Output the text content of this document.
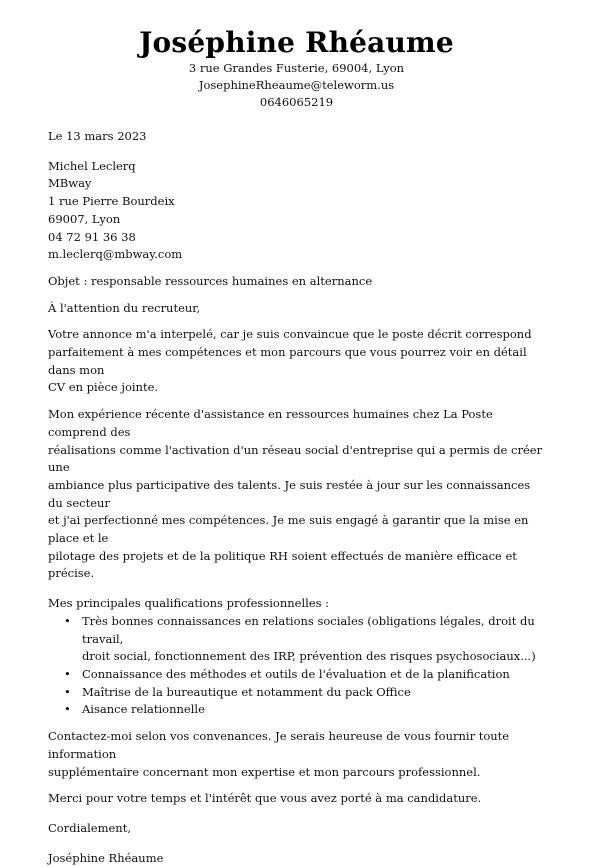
Joséphine Rhéaume
3 rue Grandes Fusterie, 69004, Lyon
JosephineRheaume@teleworm.us
0646065219

Le 13 mars 2023

Michel Leclerq

MBway

1 rue Pierre Bourdeix

69007, Lyon

04 72 91 36 38

m.leclerq@mbway.com

Objet : responsable ressources humaines en alternance

À l'attention du recruteur,

Votre annonce m'a interpelé, car je suis convaincue que le poste décrit correspond

parfaitement à mes compétences et mon parcours que vous pourrez voir en détail dans mon

CV en pièce jointe.

Mon expérience récente d'assistance en ressources humaines chez La Poste comprend des

réalisations comme l'activation d'un réseau social d'entreprise qui a permis de créer une

ambiance plus participative des talents. Je suis restée à jour sur les connaissances du secteur

et j'ai perfectionné mes compétences. Je me suis engagé à garantir que la mise en place et le

pilotage des projets et de la politique RH soient effectués de manière efficace et précise.

Mes principales qualifications professionnelles :

• Très bonnes connaissances en relations sociales (obligations légales, droit du travail,
droit social, fonctionnement des IRP, prévention des risques psychosociaux...)
• Connaissance des méthodes et outils de l'évaluation et de la planification
• Maîtrise de la bureautique et notamment du pack Office
• Aisance relationnelle

Contactez-moi selon vos convenances. Je serais heureuse de vous fournir toute information

supplémentaire concernant mon expertise et mon parcours professionnel.

Merci pour votre temps et l'intérêt que vous avez porté à ma candidature.

Cordialement,

Joséphine Rhéaume
